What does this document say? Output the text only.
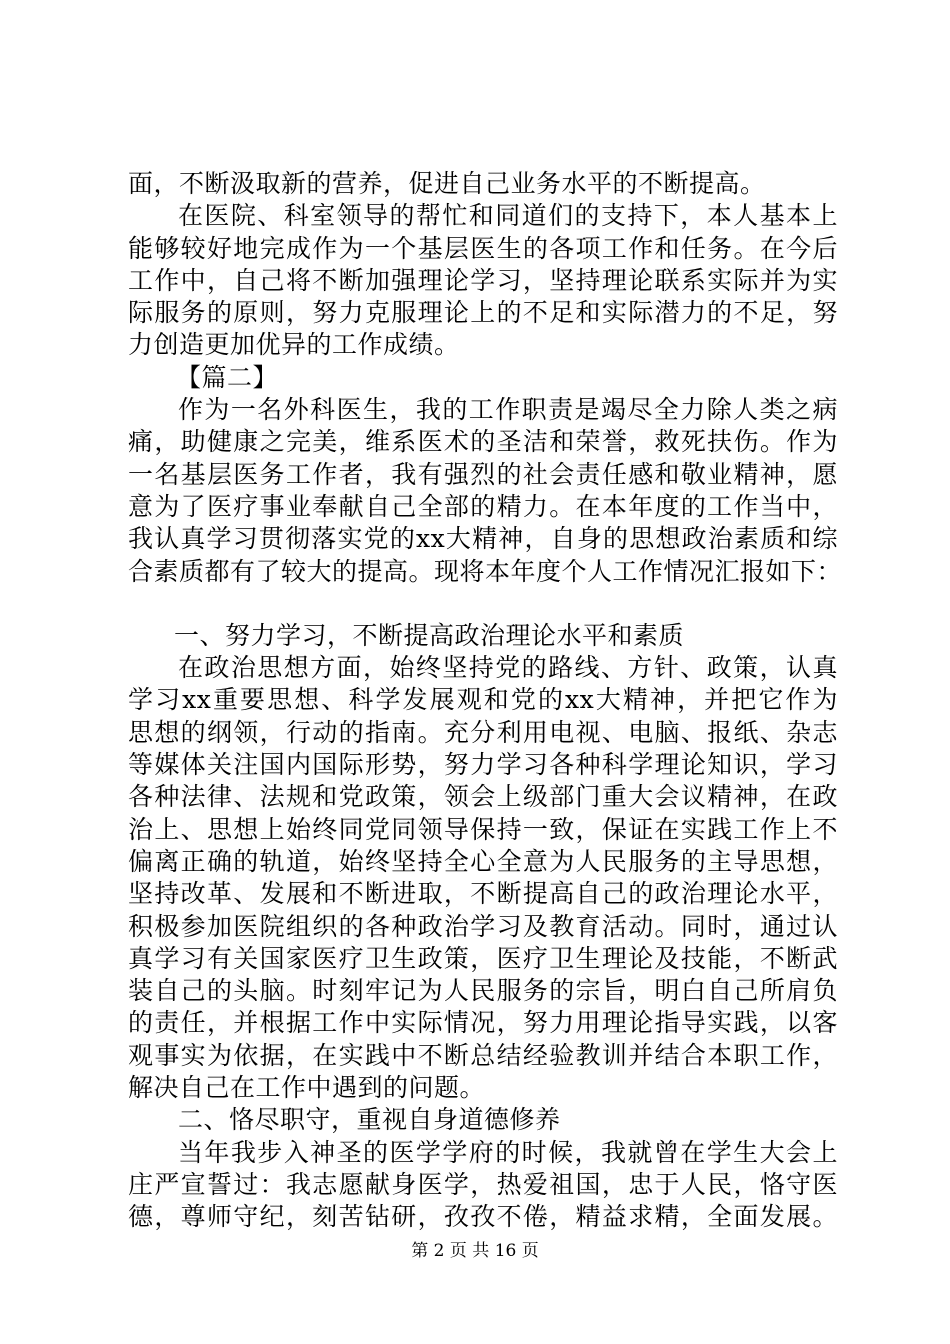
面，不断汲取新的营养，促进自己业务水平的不断提高。
在医院、科室领导的帮忙和同道们的支持下，本人基本上
能够较好地完成作为一个基层医生的各项工作和任务。在今后
工作中，自己将不断加强理论学习，坚持理论联系实际并为实
际服务的原则，努力克服理论上的不足和实际潜力的不足，努
力创造更加优异的工作成绩。
【篇二】
作为一名外科医生，我的工作职责是竭尽全力除人类之病
痛，助健康之完美，维系医术的圣洁和荣誉，救死扶伤。作为
一名基层医务工作者，我有强烈的社会责任感和敬业精神，愿
意为了医疗事业奉献自己全部的精力。在本年度的工作当中，
我认真学习贯彻落实党的xx大精神，自身的思想政治素质和综
合素质都有了较大的提高。现将本年度个人工作情况汇报如下：
一、努力学习，不断提高政治理论水平和素质
在政治思想方面，始终坚持党的路线、方针、政策，认真
学习xx重要思想、科学发展观和党的xx大精神，并把它作为
思想的纲领，行动的指南。充分利用电视、电脑、报纸、杂志
等媒体关注国内国际形势，努力学习各种科学理论知识，学习
各种法律、法规和党政策，领会上级部门重大会议精神，在政
治上、思想上始终同党同领导保持一致，保证在实践工作上不
偏离正确的轨道，始终坚持全心全意为人民服务的主导思想，
坚持改革、发展和不断进取，不断提高自己的政治理论水平，
积极参加医院组织的各种政治学习及教育活动。同时，通过认
真学习有关国家医疗卫生政策，医疗卫生理论及技能，不断武
装自己的头脑。时刻牢记为人民服务的宗旨，明白自己所肩负
的责任，并根据工作中实际情况，努力用理论指导实践，以客
观事实为依据，在实践中不断总结经验教训并结合本职工作，
解决自己在工作中遇到的问题。
二、恪尽职守，重视自身道德修养
当年我步入神圣的医学学府的时候，我就曾在学生大会上
庄严宣誓过：我志愿献身医学，热爱祖国，忠于人民，恪守医
德，尊师守纪，刻苦钻研，孜孜不倦，精益求精，全面发展。
第 2 页 共 16 页
